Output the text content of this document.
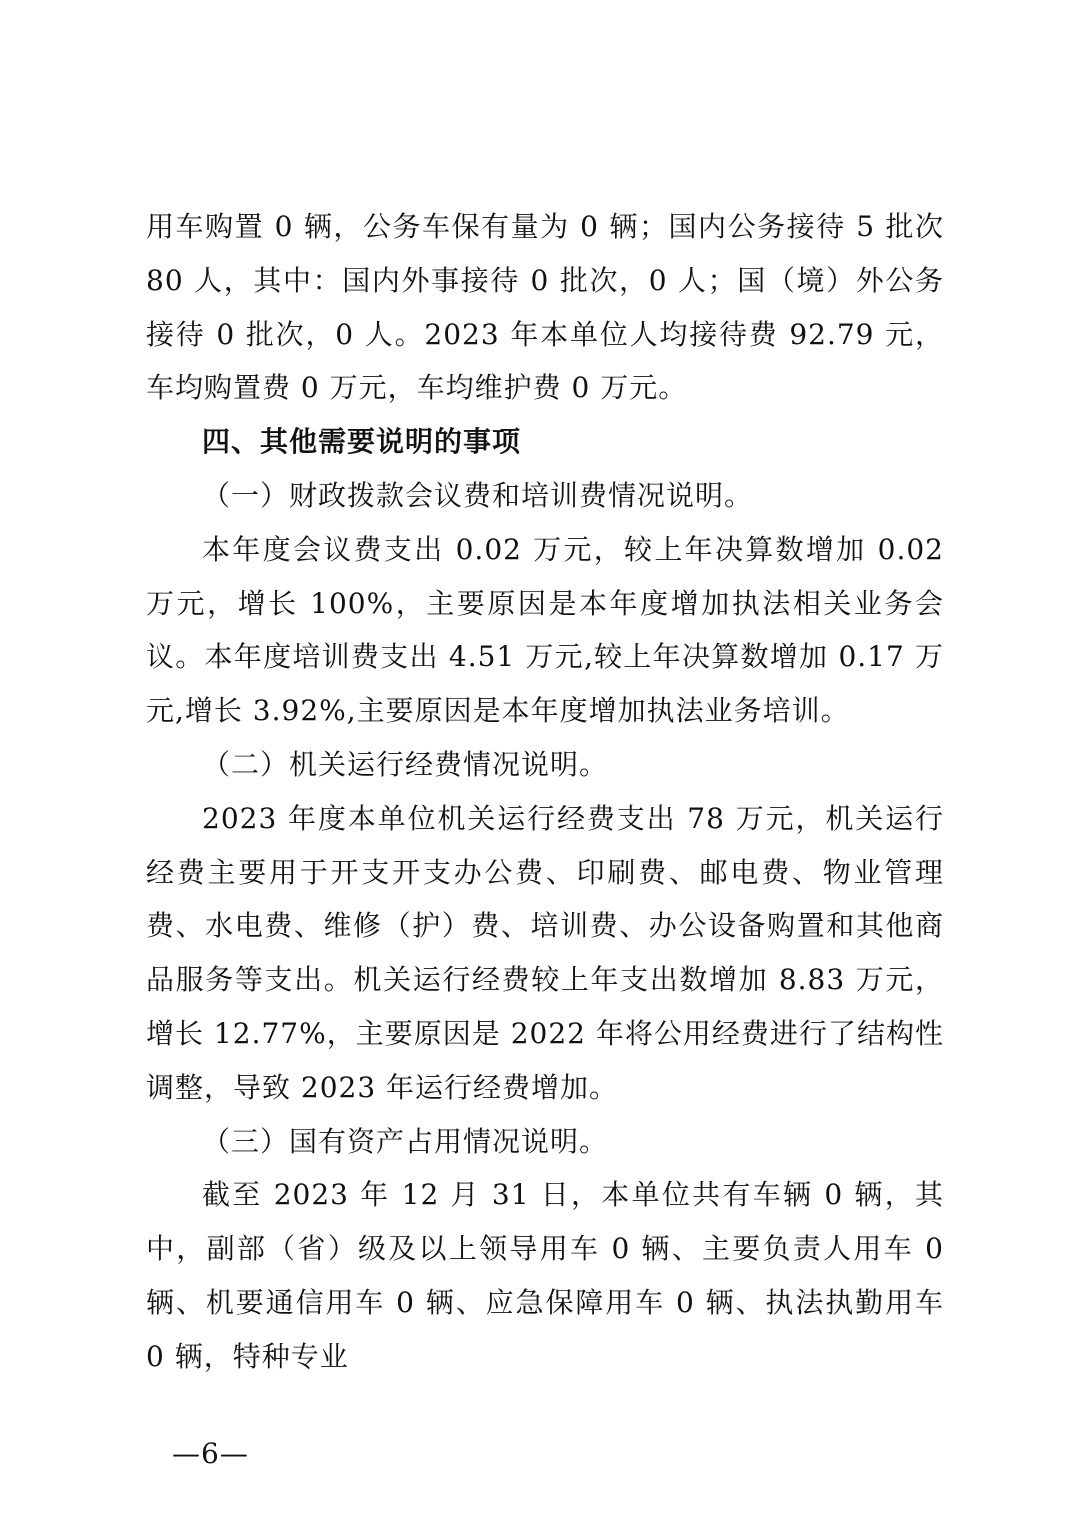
用车购置 0 辆，公务车保有量为 0 辆；国内公务接待 5 批次 80 人，其中：国内外事接待 0 批次，0 人；国（境）外公务接待 0 批次，0 人。2023 年本单位人均接待费 92.79 元，车均购置费 0 万元，车均维护费 0 万元。

四、其他需要说明的事项

（一）财政拨款会议费和培训费情况说明。

本年度会议费支出 0.02 万元，较上年决算数增加 0.02 万元，增长 100%，主要原因是本年度增加执法相关业务会议。本年度培训费支出 4.51 万元,较上年决算数增加 0.17 万元,增长 3.92%,主要原因是本年度增加执法业务培训。

（二）机关运行经费情况说明。

2023 年度本单位机关运行经费支出 78 万元，机关运行经费主要用于开支开支办公费、印刷费、邮电费、物业管理费、水电费、维修（护）费、培训费、办公设备购置和其他商品服务等支出。机关运行经费较上年支出数增加 8.83 万元，增长 12.77%，主要原因是 2022 年将公用经费进行了结构性调整，导致 2023 年运行经费增加。

（三）国有资产占用情况说明。

截至 2023 年 12 月 31 日，本单位共有车辆 0 辆，其中，副部（省）级及以上领导用车 0 辆、主要负责人用车 0 辆、机要通信用车 0 辆、应急保障用车 0 辆、执法执勤用车 0 辆，特种专业

—6—
